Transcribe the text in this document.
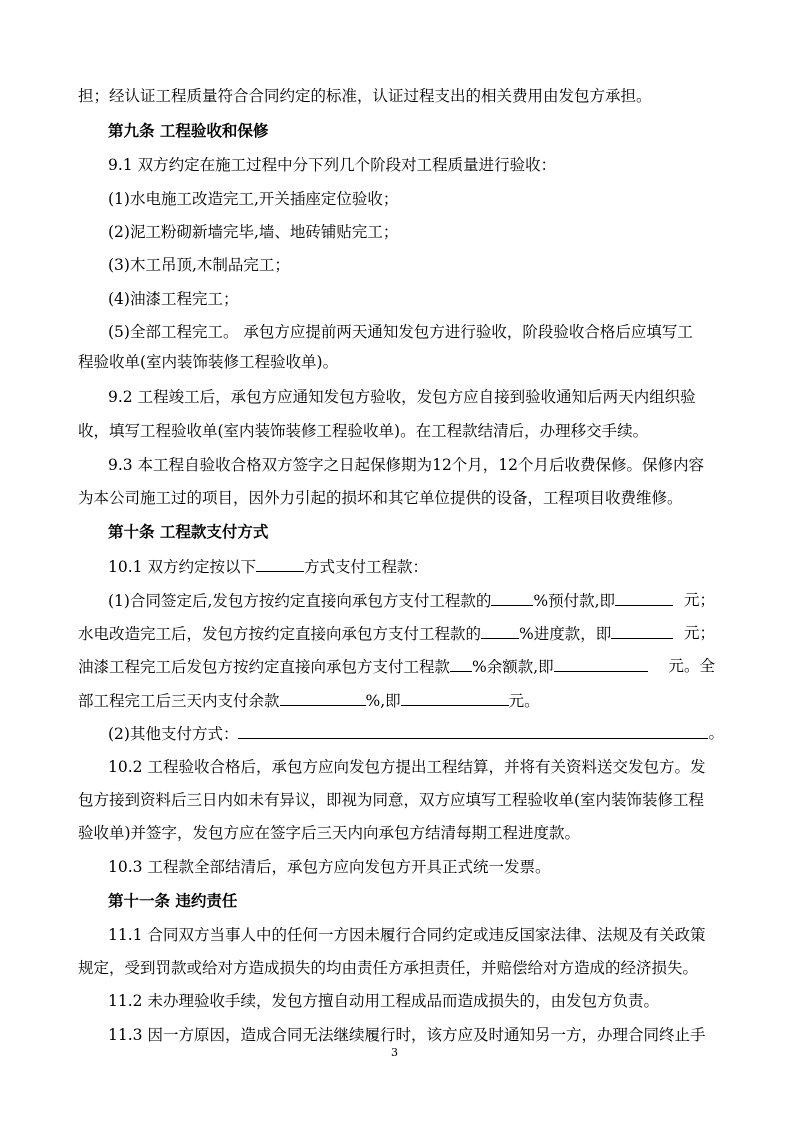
担；经认证工程质量符合合同约定的标准，认证过程支出的相关费用由发包方承担。
第九条 工程验收和保修
9.1 双方约定在施工过程中分下列几个阶段对工程质量进行验收：
(1)水电施工改造完工,开关插座定位验收；
(2)泥工粉砌新墙完毕,墙、地砖铺贴完工；
(3)木工吊顶,木制品完工；
(4)油漆工程完工；
(5)全部工程完工。 承包方应提前两天通知发包方进行验收，阶段验收合格后应填写工
程验收单(室内装饰装修工程验收单)。
9.2 工程竣工后，承包方应通知发包方验收，发包方应自接到验收通知后两天内组织验
收，填写工程验收单(室内装饰装修工程验收单)。在工程款结清后，办理移交手续。
9.3 本工程自验收合格双方签字之日起保修期为12个月，12个月后收费保修。保修内容
为本公司施工过的项目，因外力引起的损坏和其它单位提供的设备，工程项目收费维修。
第十条 工程款支付方式
10.1 双方约定按以下	方式支付工程款：
(1)合同签定后,发包方按约定直接向承包方支付工程款的	%预付款,即	元；
水电改造完工后，发包方按约定直接向承包方支付工程款的 %进度款，即	元；
油漆工程完工后发包方按约定直接向承包方支付工程款 %余额款,即	元。全
部工程完工后三天内支付余款	%,即	元。
(2)其他支付方式：	。
10.2 工程验收合格后，承包方应向发包方提出工程结算，并将有关资料送交发包方。发
包方接到资料后三日内如未有异议，即视为同意，双方应填写工程验收单(室内装饰装修工程
验收单)并签字，发包方应在签字后三天内向承包方结清每期工程进度款。
10.3 工程款全部结清后，承包方应向发包方开具正式统一发票。
第十一条 违约责任
11.1 合同双方当事人中的任何一方因未履行合同约定或违反国家法律、法规及有关政策
规定，受到罚款或给对方造成损失的均由责任方承担责任，并赔偿给对方造成的经济损失。
11.2 未办理验收手续，发包方擅自动用工程成品而造成损失的，由发包方负责。
11.3 因一方原因，造成合同无法继续履行时，该方应及时通知另一方，办理合同终止手
3
